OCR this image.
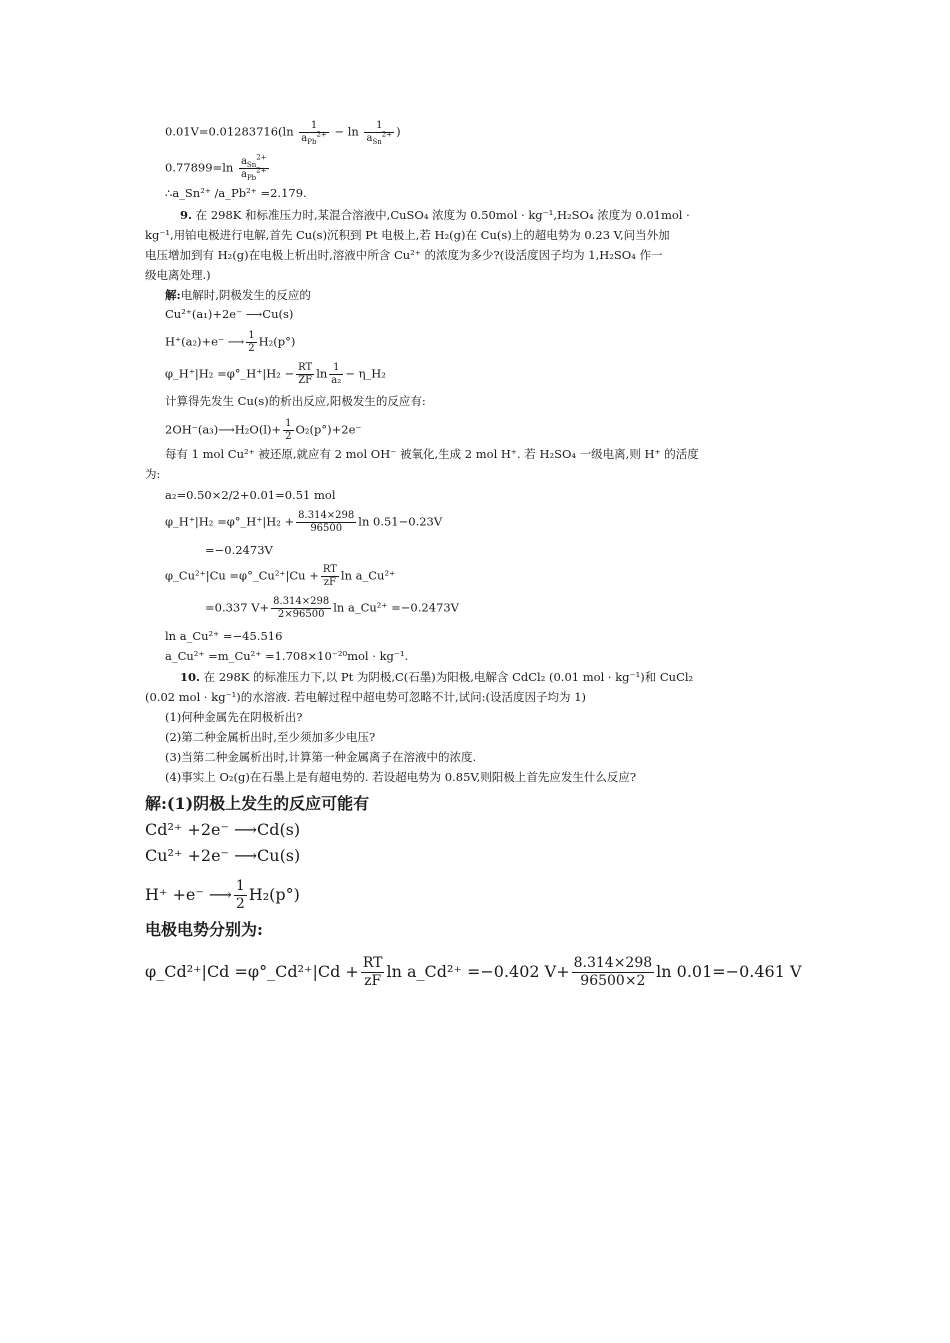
$0.01V=0.01283716(\ln \frac{1}{a_{Pb}^{2+}} - \ln \frac{1}{a_{Sn}^{2+}}$ )
$0.77899=\ln \frac{a_{Sn}^{2+}}{a_{Pb}^{2+}}$
∴a_Sn²⁺ /a_Pb²⁺ =2.179.
9. 在 298K 和标准压力时,某混合溶液中,CuSO₄ 浓度为 0.50mol · kg⁻¹,H₂SO₄ 浓度为 0.01mol ·
kg⁻¹,用铂电极进行电解,首先 Cu(s)沉积到 Pt 电极上,若 H₂(g)在 Cu(s)上的超电势为 0.23 V,问当外加
电压增加到有 H₂(g)在电极上析出时,溶液中所含 Cu²⁺ 的浓度为多少?(设活度因子均为 1,H₂SO₄ 作一
级电离处理.)
解:电解时,阴极发生的反应的
Cu²⁺(a₁)+2e⁻ ⟶Cu(s)
H⁺(a₂)+e⁻ ⟶ $\frac{1}{2} H_2(p^\circ)$
φ_H⁺|H₂ =φ°_H⁺|H₂ − $\frac{RT}{ZF}$ $\ln \frac{1}{\text{a₂}}$ − η_H₂
计算得先发生 Cu(s)的析出反应,阳极发生的反应有:
2OH⁻(a₃)⟶H₂O(l)+ $\frac{1}{2} O_2(p^\circ)+2e^-$
每有 1 mol Cu²⁺ 被还原,就应有 2 mol OH⁻ 被氧化,生成 2 mol H⁺. 若 H₂SO₄ 一级电离,则 H⁺ 的活度
为:
a₂=0.50×2/2+0.01=0.51 mol
φ_H⁺|H₂ =φ°_H⁺|H₂ + $\frac{8.314\times 298}{96500}$ ln 0.51−0.23V
=−0.2473V
φ_Cu²⁺|Cu =φ°_Cu²⁺|Cu + $\frac{RT}{zF}$ ln a_Cu²⁺
=0.337 $V+ \frac{8.314\times 298}{2\times 96500}$ ln a_Cu²⁺ =−0.2473V
ln a_Cu²⁺ =−45.516
a_Cu²⁺ =m_Cu²⁺ =1.708×10⁻²⁰mol · kg⁻¹.
10. 在 298K 的标准压力下,以 Pt 为阴极,C(石墨)为阳极,电解含 CdCl₂ (0.01 mol · kg⁻¹)和 CuCl₂
(0.02 mol · kg⁻¹)的水溶液. 若电解过程中超电势可忽略不计,试问:(设活度因子均为 1)
(1)何种金属先在阴极析出?
(2)第二种金属析出时,至少须加多少电压?
(3)当第二种金属析出时,计算第一种金属离子在溶液中的浓度.
(4)事实上 O₂(g)在石墨上是有超电势的. 若设超电势为 0.85V,则阳极上首先应发生什么反应?
解:(1)阴极上发生的反应可能有
Cd²⁺ +2e⁻ ⟶Cd(s)
Cu²⁺ +2e⁻ ⟶Cu(s)
H⁺ +e⁻ ⟶ $\frac{1}{2} H_2(p^\circ)$
电极电势分别为:
φ_Cd²⁺|Cd =φ°_Cd²⁺|Cd + $\frac{RT}{zF}$ ln a_Cd²⁺ =−0.402 $V+ \frac{8.314\times 298}{96500\times 2}$ ln 0.01=−0.461 V
